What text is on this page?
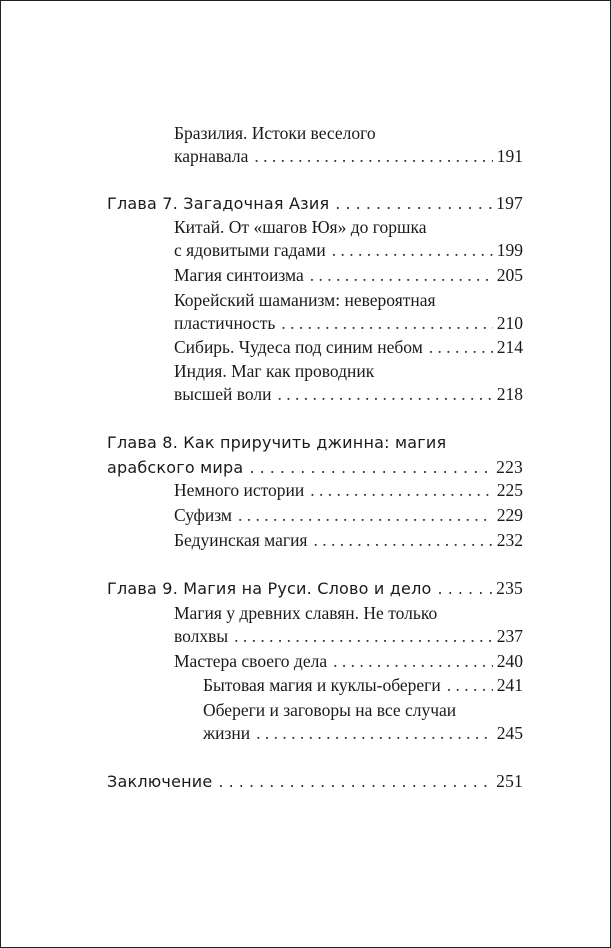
Бразилия. Истоки веселого
карнавала . . .	191
Глава 7. Загадочная Азия . . .	197
Китай. От «шагов Юя» до горшка
с ядовитыми гадами . . .	199
Магия синтоизма . . .	205
Корейский шаманизм: невероятная
пластичность . . .	210
Сибирь. Чудеса под синим небом . . .	214
Индия. Маг как проводник
высшей воли . . .	218
Глава 8. Как приручить джинна: магия
арабского мира . . .	223
Немного истории . . .	225
Суфизм . . .	229
Бедуинская магия . . .	232
Глава 9. Магия на Руси. Слово и дело . . .	235
Магия у древних славян. Не только
волхвы . . .	237
Мастера своего дела . . .	240
Бытовая магия и куклы-обереги . . .	241
Обереги и заговоры на все случаи
жизни . . .	245
Заключение . . .	251
